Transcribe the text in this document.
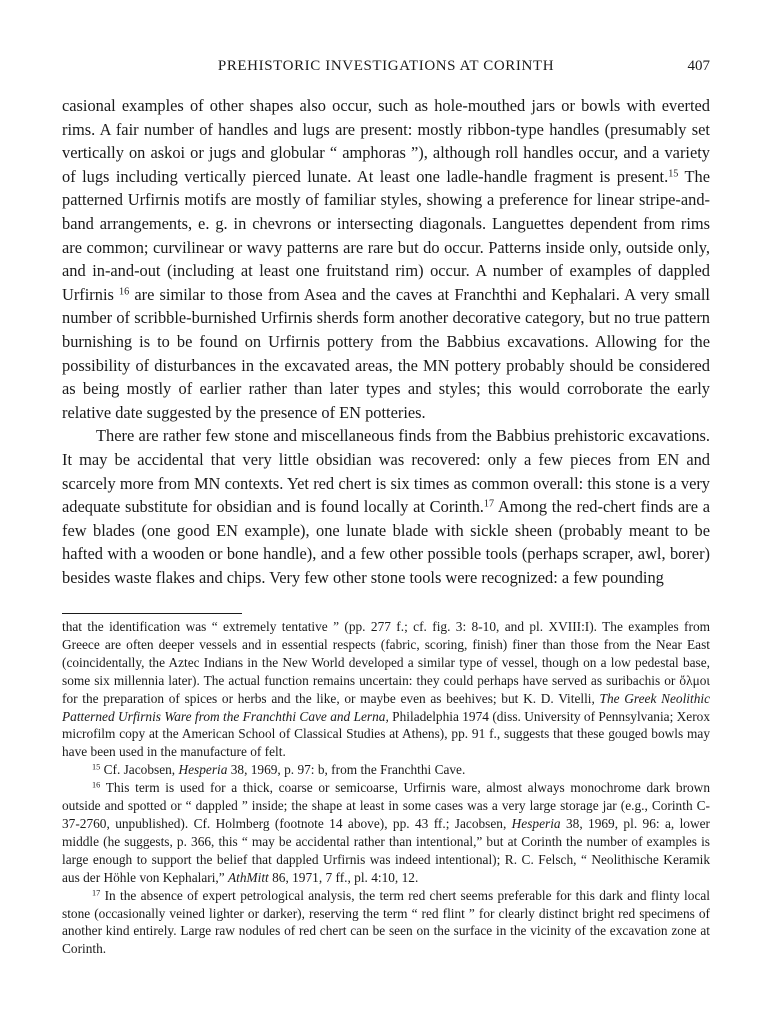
PREHISTORIC INVESTIGATIONS AT CORINTH	407

casional examples of other shapes also occur, such as hole-mouthed jars or bowls with everted rims. A fair number of handles and lugs are present: mostly ribbon-type handles (presumably set vertically on askoi or jugs and globular “ amphoras ”), although roll handles occur, and a variety of lugs including vertically pierced lunate. At least one ladle-handle fragment is present.$^{15}$ The patterned Urfirnis motifs are mostly of familiar styles, showing a preference for linear stripe-and-band arrangements, e. g. in chevrons or intersecting diagonals. Languettes dependent from rims are common; curvilinear or wavy patterns are rare but do occur. Patterns inside only, outside only, and in-and-out (including at least one fruitstand rim) occur. A number of examples of dappled Urfirnis $^{16}$ are similar to those from Asea and the caves at Franchthi and Kephalari. A very small number of scribble-burnished Urfirnis sherds form another decorative category, but no true pattern burnishing is to be found on Urfirnis pottery from the Babbius excavations. Allowing for the possibility of disturbances in the excavated areas, the MN pottery probably should be considered as being mostly of earlier rather than later types and styles; this would corroborate the early relative date suggested by the presence of EN potteries.

There are rather few stone and miscellaneous finds from the Babbius prehistoric excavations. It may be accidental that very little obsidian was recovered: only a few pieces from EN and scarcely more from MN contexts. Yet red chert is six times as common overall: this stone is a very adequate substitute for obsidian and is found locally at Corinth.$^{17}$ Among the red-chert finds are a few blades (one good EN example), one lunate blade with sickle sheen (probably meant to be hafted with a wooden or bone handle), and a few other possible tools (perhaps scraper, awl, borer) besides waste flakes and chips. Very few other stone tools were recognized: a few pounding

that the identification was “ extremely tentative ” (pp. 277 f.; cf. fig. 3: 8-10, and pl. XVIII:I). The examples from Greece are often deeper vessels and in essential respects (fabric, scoring, finish) finer than those from the Near East (coincidentally, the Aztec Indians in the New World developed a similar type of vessel, though on a low pedestal base, some six millennia later). The actual function remains uncertain: they could perhaps have served as suribachis or ὄλμοι for the preparation of spices or herbs and the like, or maybe even as beehives; but K. D. Vitelli, The Greek Neolithic Patterned Urfirnis Ware from the Franchthi Cave and Lerna, Philadelphia 1974 (diss. University of Pennsylvania; Xerox microfilm copy at the American School of Classical Studies at Athens), pp. 91 f., suggests that these gouged bowls may have been used in the manufacture of felt.

$^{15}$ Cf. Jacobsen, Hesperia 38, 1969, p. 97: b, from the Franchthi Cave.

$^{16}$ This term is used for a thick, coarse or semicoarse, Urfirnis ware, almost always monochrome dark brown outside and spotted or “ dappled ” inside; the shape at least in some cases was a very large storage jar (e.g., Corinth C-37-2760, unpublished). Cf. Holmberg (footnote 14 above), pp. 43 ff.; Jacobsen, Hesperia 38, 1969, pl. 96: a, lower middle (he suggests, p. 366, this “ may be accidental rather than intentional,” but at Corinth the number of examples is large enough to support the belief that dappled Urfirnis was indeed intentional); R. C. Felsch, “ Neolithische Keramik aus der Höhle von Kephalari,” AthMitt 86, 1971, 7 ff., pl. 4:10, 12.

$^{17}$ In the absence of expert petrological analysis, the term red chert seems preferable for this dark and flinty local stone (occasionally veined lighter or darker), reserving the term “ red flint ” for clearly distinct bright red specimens of another kind entirely. Large raw nodules of red chert can be seen on the surface in the vicinity of the excavation zone at Corinth.
